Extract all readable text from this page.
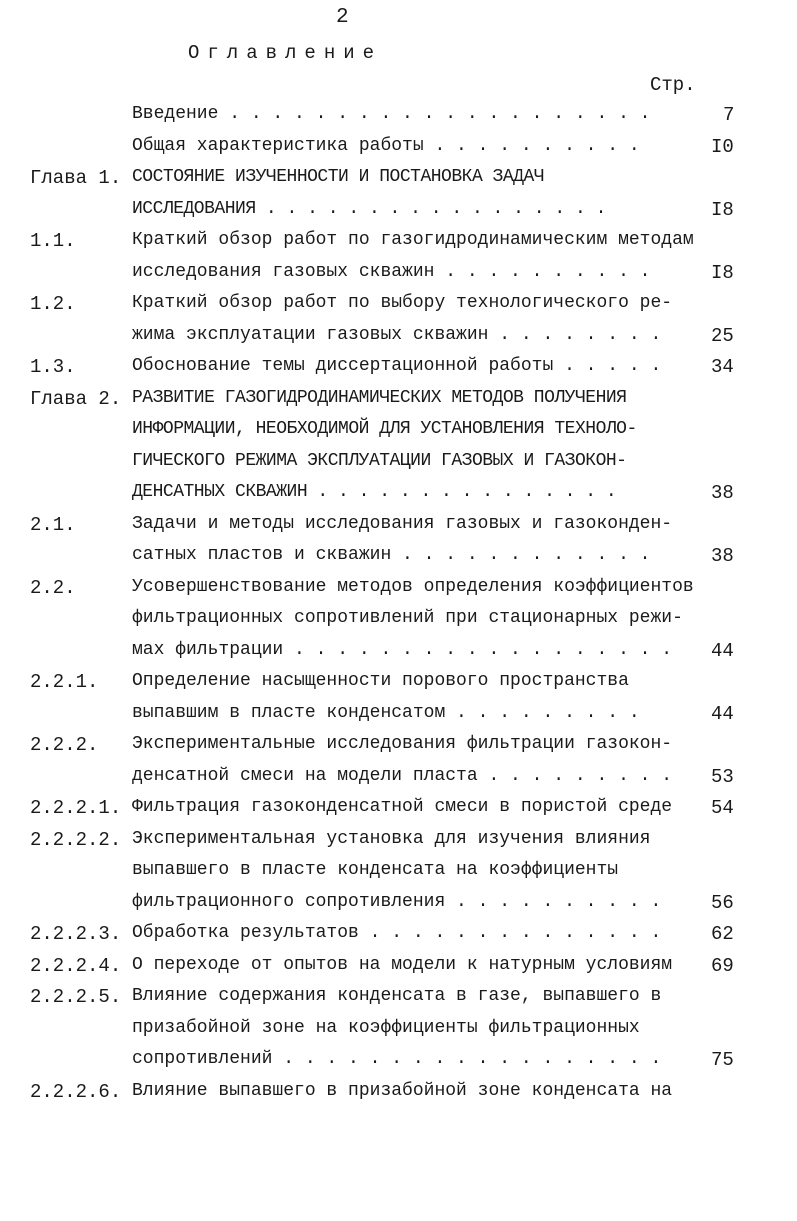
2
Оглавление
Стр.
Введение . . . . . . . . . . . . . . . . . . . .	7
Общая характеристика работы . . . . . . . . . .	I0
Глава 1. СОСТОЯНИЕ ИЗУЧЕННОСТИ И ПОСТАНОВКА ЗАДАЧ
ИССЛЕДОВАНИЯ . . . . . . . . . . . . . . . . .	I8
1.1.	Краткий обзор работ по газогидродинамическим методам
исследования газовых скважин . . . . . . . . . .	I8
1.2.	Краткий обзор работ по выбору технологического ре-
жима эксплуатации газовых скважин . . . . . . . .	25
1.3.	Обоснование темы диссертационной работы . . . . .	34
Глава 2. РАЗВИТИЕ ГАЗОГИДРОДИНАМИЧЕСКИХ МЕТОДОВ ПОЛУЧЕНИЯ
ИНФОРМАЦИИ, НЕОБХОДИМОЙ ДЛЯ УСТАНОВЛЕНИЯ ТЕХНОЛО-
ГИЧЕСКОГО РЕЖИМА ЭКСПЛУАТАЦИИ ГАЗОВЫХ И ГАЗОКОН-
ДЕНСАТНЫХ СКВАЖИН . . . . . . . . . . . . . . .	38
2.1.	Задачи и методы исследования газовых и газоконден-
сатных пластов и скважин . . . . . . . . . . . .	38
2.2.	Усовершенствование методов определения коэффициентов
фильтрационных сопротивлений при стационарных режи-
мах фильтрации . . . . . . . . . . . . . . . . . . 44
2.2.1. Определение насыщенности порового пространства
выпавшим в пласте конденсатом . . . . . . . . .	44
2.2.2. Экспериментальные исследования фильтрации газокон-
денсатной смеси на модели пласта . . . . . . . . . 53
2.2.2.1. Фильтрация газоконденсатной смеси в пористой среде 54
2.2.2.2. Экспериментальная установка для изучения влияния
выпавшего в пласте конденсата на коэффициенты
фильтрационного сопротивления . . . . . . . . . .	56
2.2.2.3. Обработка результатов . . . . . . . . . . . . . .	62
2.2.2.4. О переходе от опытов на модели к натурным условиям 69
2.2.2.5. Влияние содержания конденсата в газе, выпавшего в
призабойной зоне на коэффициенты фильтрационных
сопротивлений . . . . . . . . . . . . . . . . . .	75
2.2.2.6. Влияние выпавшего в призабойной зоне конденсата на
